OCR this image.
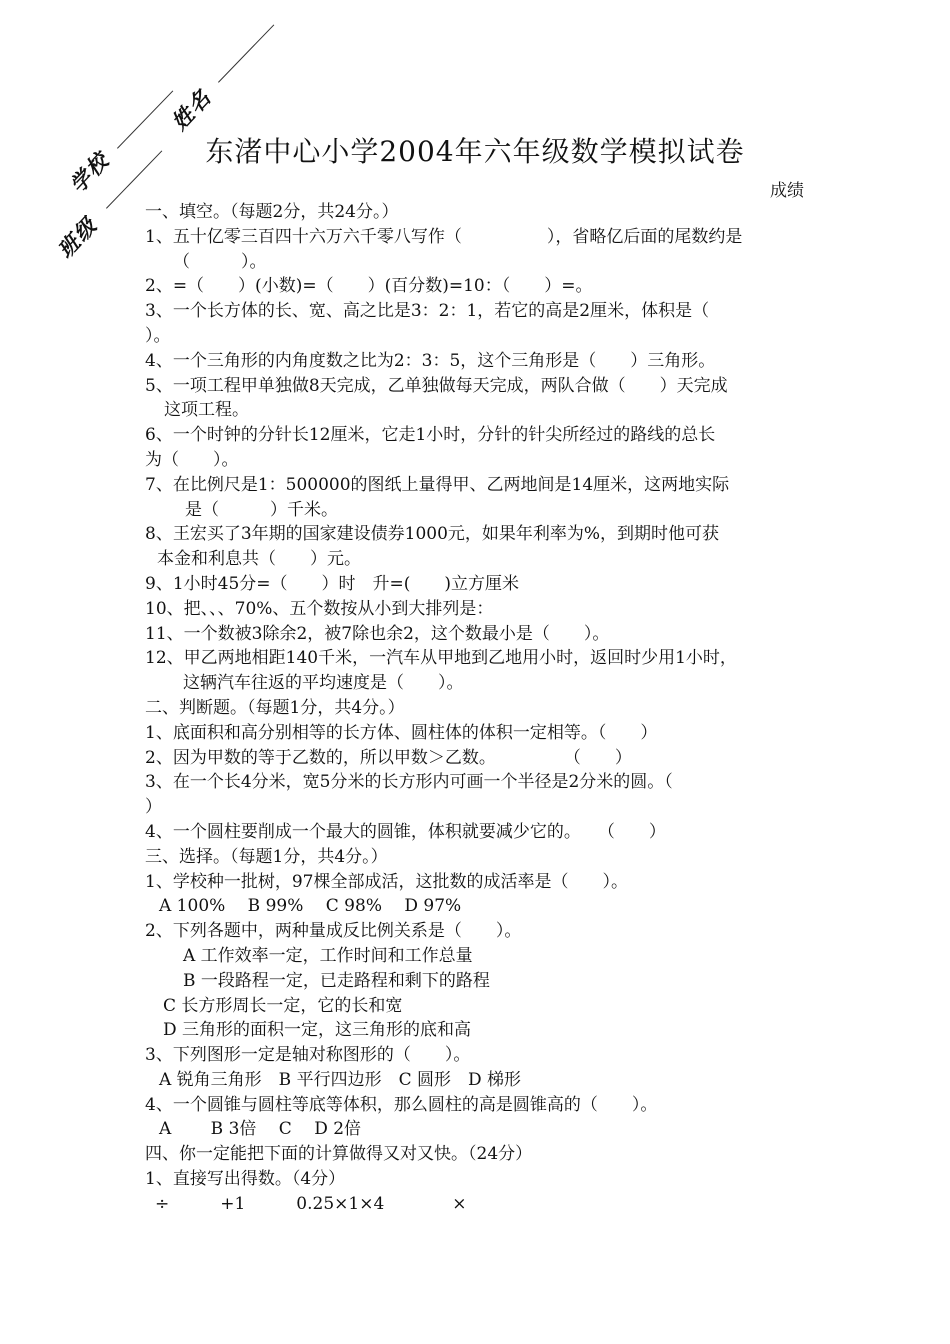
姓名
学校
班级
东渚中心小学2004年六年级数学模拟试卷
成绩
一、填空。（每题2分，共24分。）
1、五十亿零三百四十六万六千零八写作（　　　　　），省略亿后面的尾数约是
（　　　）。
2、=（　　）(小数)=（　　）(百分数)=10：（　　）=。
3、一个长方体的长、宽、高之比是3：2：1，若它的高是2厘米，体积是（
）。
4、一个三角形的内角度数之比为2：3：5，这个三角形是（　　）三角形。
5、一项工程甲单独做8天完成，乙单独做每天完成，两队合做（　　）天完成
这项工程。
6、一个时钟的分针长12厘米，它走1小时，分针的针尖所经过的路线的总长
为（　　）。
7、在比例尺是1：500000的图纸上量得甲、乙两地间是14厘米，这两地实际
是（　　　）千米。
8、王宏买了3年期的国家建设债券1000元，如果年利率为%，到期时他可获
本金和利息共（　　）元。
9、1小时45分=（　　）时　升=(　　)立方厘米
10、把、、、70%、五个数按从小到大排列是：
11、一个数被3除余2，被7除也余2，这个数最小是（　　）。
12、甲乙两地相距140千米，一汽车从甲地到乙地用小时，返回时少用1小时，
这辆汽车往返的平均速度是（　　）。
二、判断题。（每题1分，共4分。）
1、底面积和高分别相等的长方体、圆柱体的体积一定相等。（　　）
2、因为甲数的等于乙数的，所以甲数＞乙数。　　　　　（　　）
3、在一个长4分米，宽5分米的长方形内可画一个半径是2分米的圆。（
）
4、一个圆柱要削成一个最大的圆锥，体积就要减少它的。　　（　　）
三、选择。（每题1分，共4分。）
1、学校种一批树，97棵全部成活，这批数的成活率是（　　）。
A 100%　 B 99%　 C 98%　 D 97%
2、下列各题中，两种量成反比例关系是（　　）。
A 工作效率一定，工作时间和工作总量
B 一段路程一定，已走路程和剩下的路程
C 长方形周长一定，它的长和宽
D 三角形的面积一定，这三角形的底和高
3、下列图形一定是轴对称图形的（　　）。
A 锐角三角形　B 平行四边形　C 圆形　D 梯形
4、一个圆锥与圆柱等底等体积，那么圆柱的高是圆锥高的（　　）。
A　　 B 3倍　 C　 D 2倍
四、你一定能把下面的计算做得又对又快。（24分）
1、直接写出得数。（4分）
÷　　　+1　　　0.25×1×4　　　　×
